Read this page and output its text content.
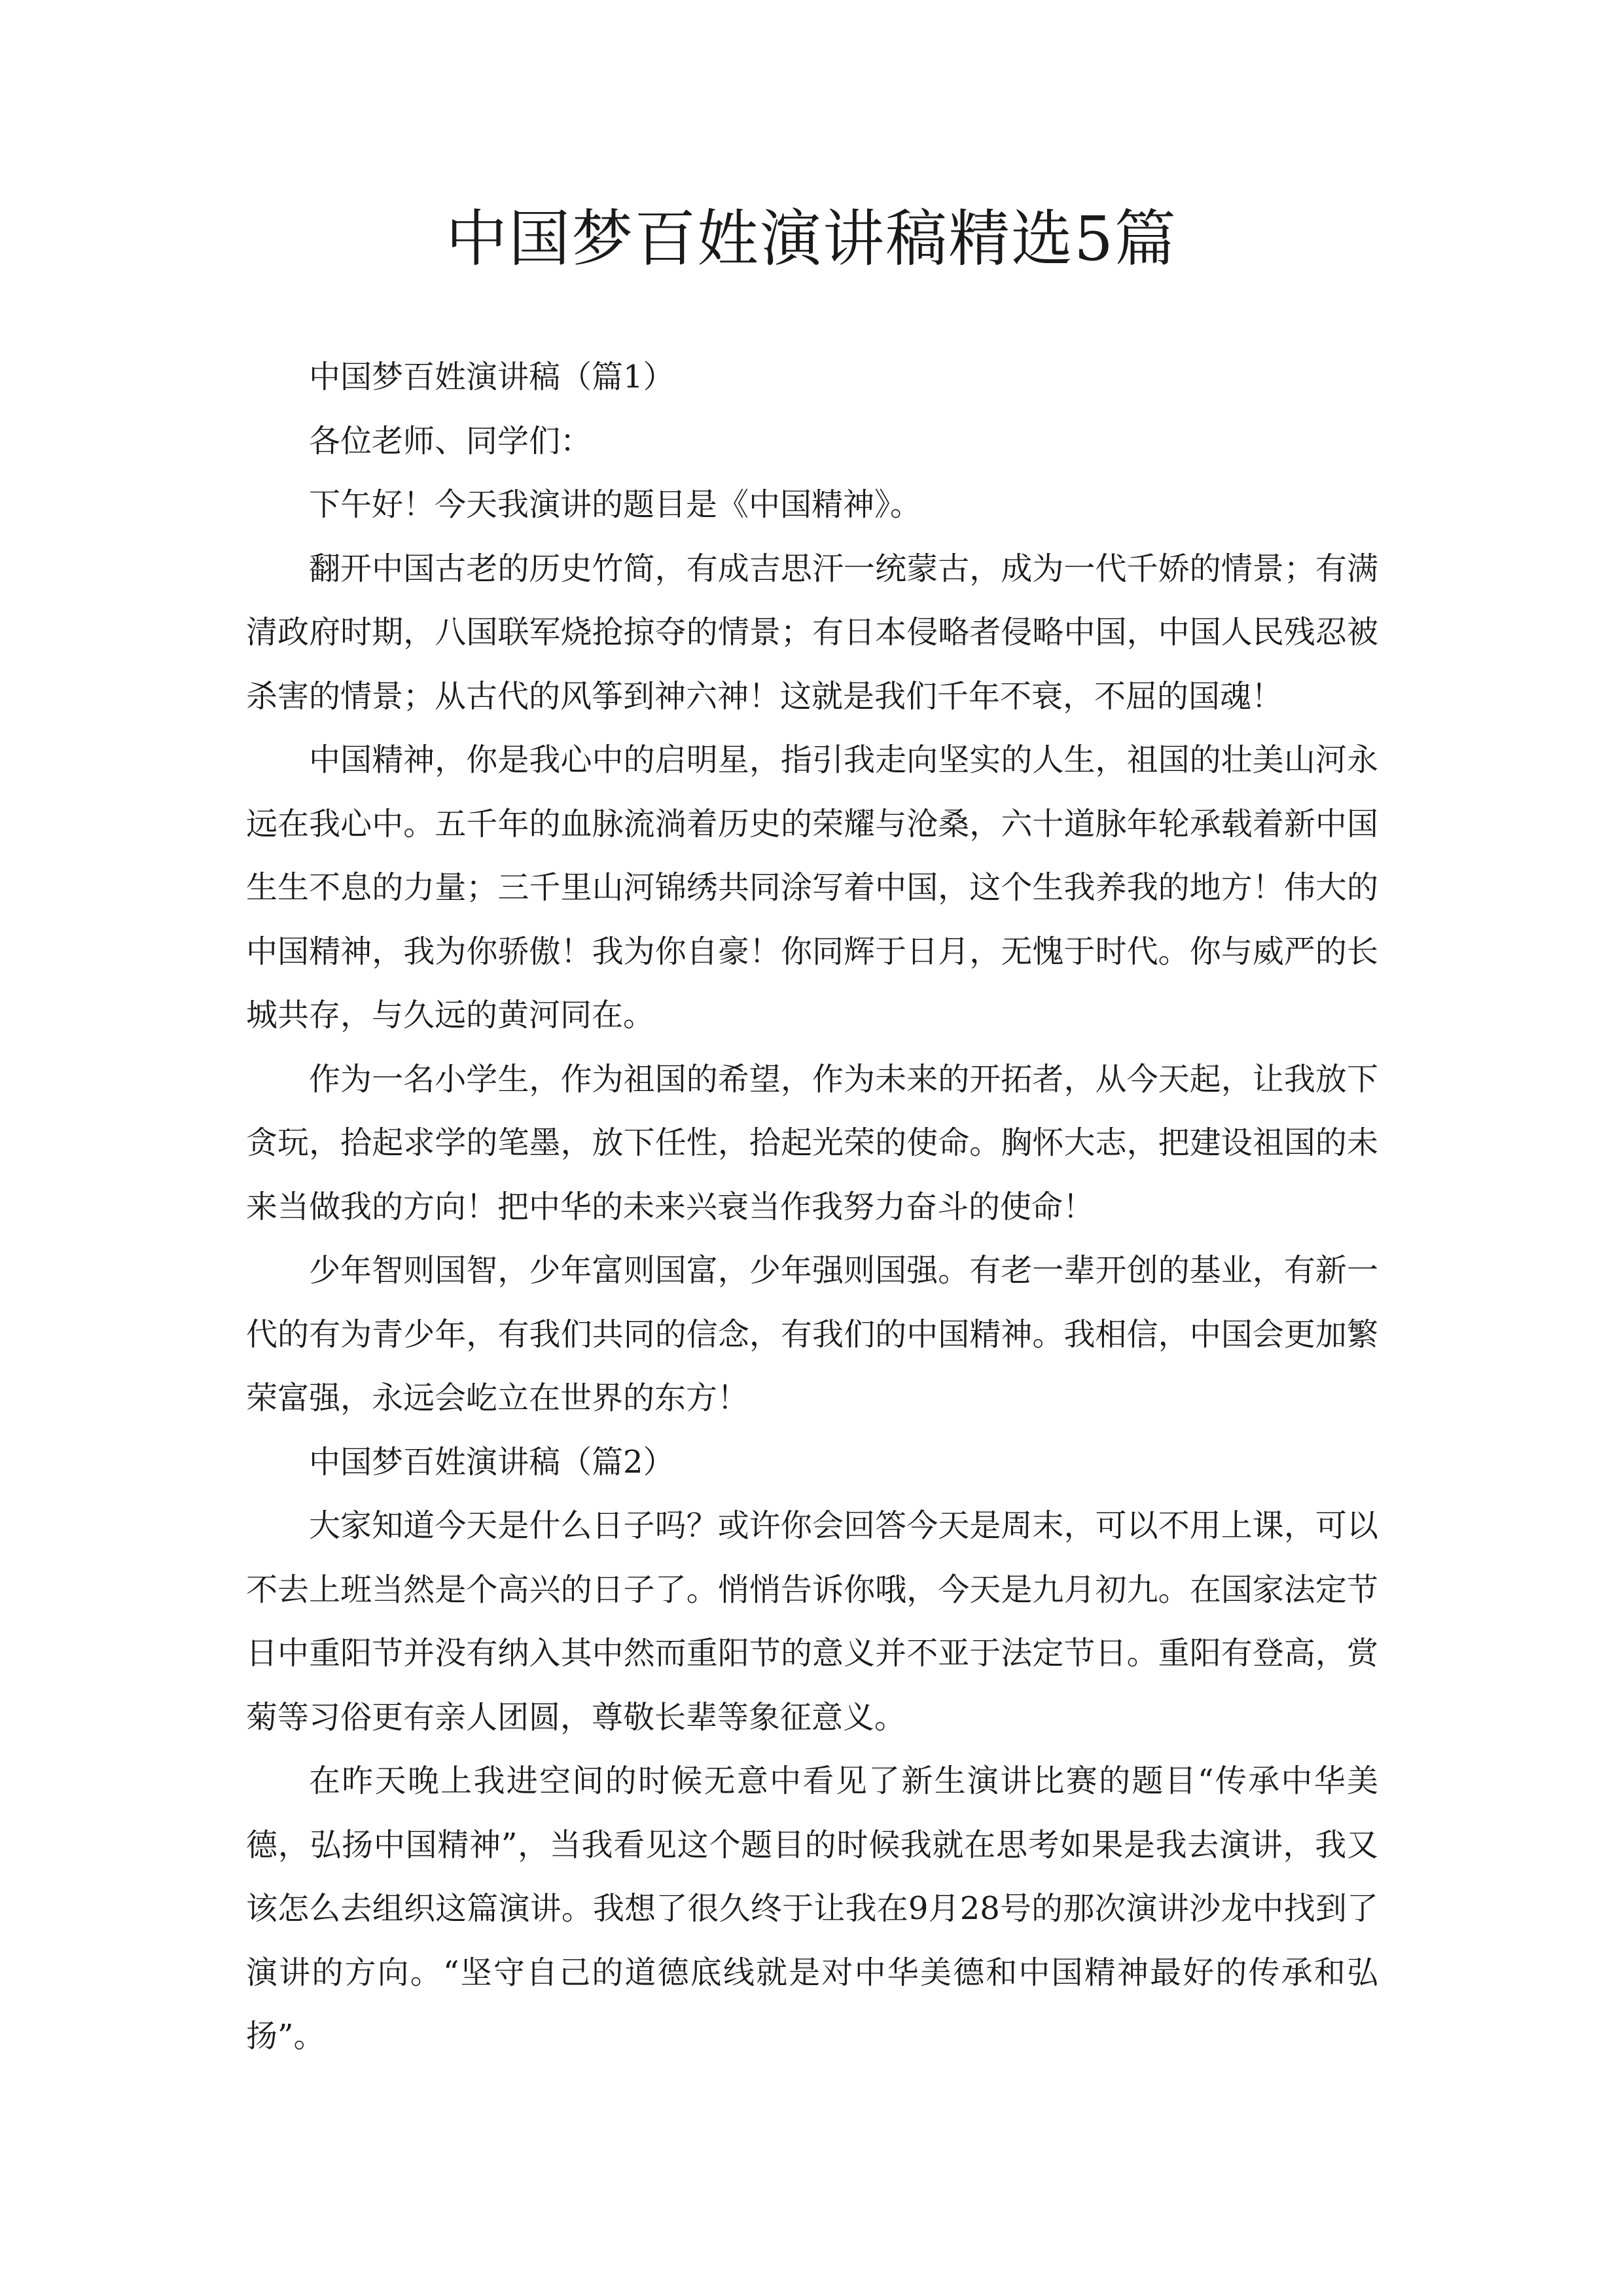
中国梦百姓演讲稿精选5篇

中国梦百姓演讲稿（篇1）

各位老师、同学们：

下午好！今天我演讲的题目是《中国精神》。

翻开中国古老的历史竹简，有成吉思汗一统蒙古，成为一代千娇的情景；有满清政府时期，八国联军烧抢掠夺的情景；有日本侵略者侵略中国，中国人民残忍被杀害的情景；从古代的风筝到神六神！这就是我们千年不衰，不屈的国魂！

中国精神，你是我心中的启明星，指引我走向坚实的人生，祖国的壮美山河永远在我心中。五千年的血脉流淌着历史的荣耀与沧桑，六十道脉年轮承载着新中国生生不息的力量；三千里山河锦绣共同涂写着中国，这个生我养我的地方！伟大的中国精神，我为你骄傲！我为你自豪！你同辉于日月，无愧于时代。你与威严的长城共存，与久远的黄河同在。

作为一名小学生，作为祖国的希望，作为未来的开拓者，从今天起，让我放下贪玩，拾起求学的笔墨，放下任性，拾起光荣的使命。胸怀大志，把建设祖国的未来当做我的方向！把中华的未来兴衰当作我努力奋斗的使命！

少年智则国智，少年富则国富，少年强则国强。有老一辈开创的基业，有新一代的有为青少年，有我们共同的信念，有我们的中国精神。我相信，中国会更加繁荣富强，永远会屹立在世界的东方！

中国梦百姓演讲稿（篇2）

大家知道今天是什么日子吗？或许你会回答今天是周末，可以不用上课，可以不去上班当然是个高兴的日子了。悄悄告诉你哦，今天是九月初九。在国家法定节日中重阳节并没有纳入其中然而重阳节的意义并不亚于法定节日。重阳有登高，赏菊等习俗更有亲人团圆，尊敬长辈等象征意义。

在昨天晚上我进空间的时候无意中看见了新生演讲比赛的题目“传承中华美德，弘扬中国精神”，当我看见这个题目的时候我就在思考如果是我去演讲，我又该怎么去组织这篇演讲。我想了很久终于让我在9月28号的那次演讲沙龙中找到了演讲的方向。“坚守自己的道德底线就是对中华美德和中国精神最好的传承和弘扬”。
